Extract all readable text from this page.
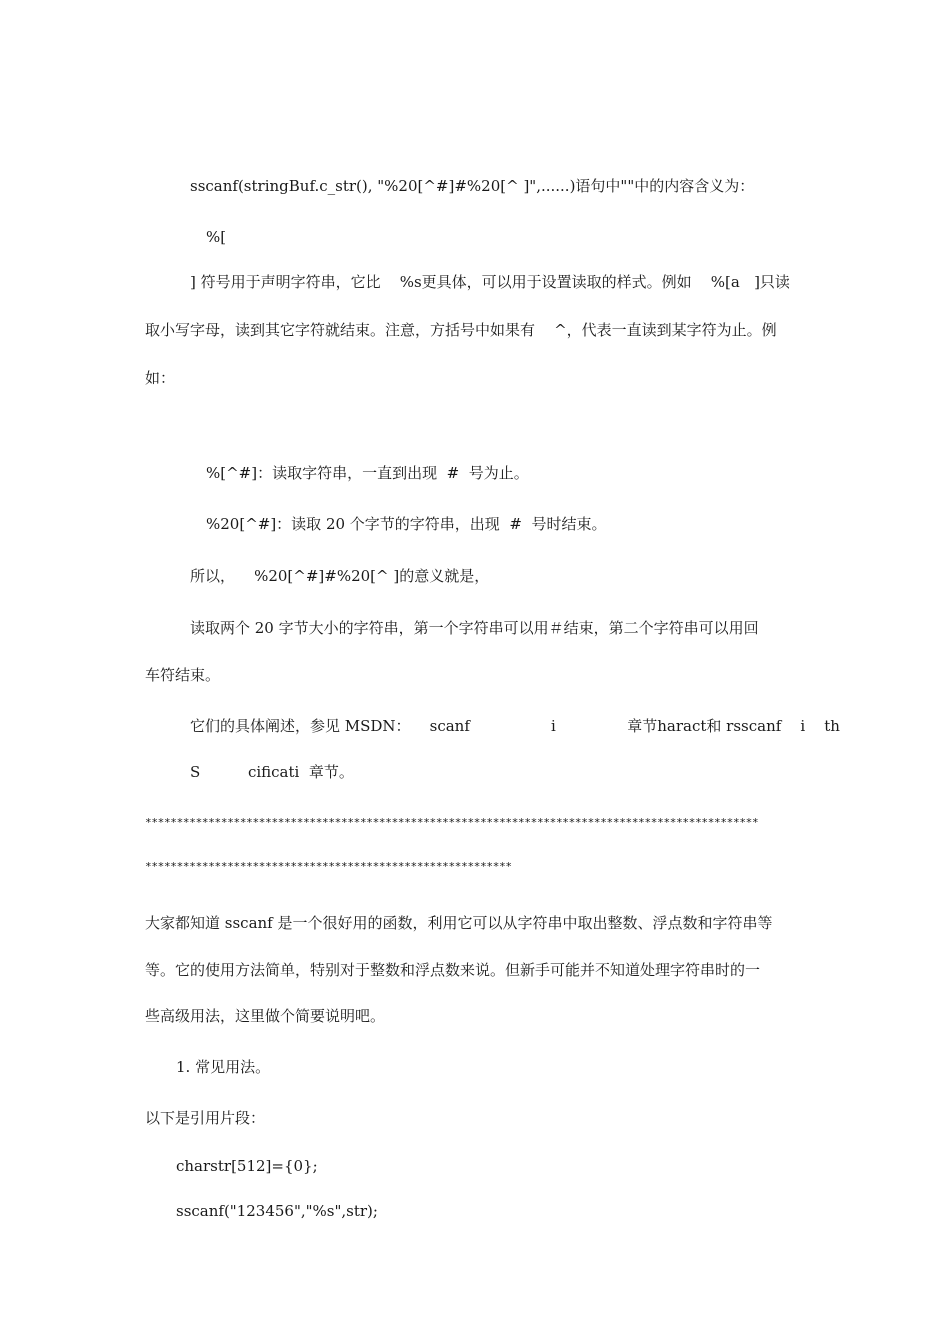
sscanf(stringBuf.c_str(), "%20[^#]#%20[^ ]",......)语句中""中的内容含义为：
%[
] 符号用于声明字符串，它比    %s更具体，可以用于设置读取的样式。例如    %[a   ]只读
取小写字母，读到其它字符就结束。注意，方括号中如果有    ^，代表一直读到某字符为止。例
如：
%[^#]：读取字符串，一直到出现  #  号为止。
%20[^#]：读取 20 个字节的字符串，出现  #  号时结束。
所以，    %20[^#]#%20[^ ]的意义就是，
读取两个 20 字节大小的字符串，第一个字符串可以用＃结束，第二个字符串可以用回
车符结束。
它们的具体阐述，参见 MSDN：    scanf                 i               章节haract和 rsscanf    i    th
S          cificati  章节。
*************************************************************************************************
**********************************************************
大家都知道 sscanf 是一个很好用的函数，利用它可以从字符串中取出整数、浮点数和字符串等
等。它的使用方法简单，特别对于整数和浮点数来说。但新手可能并不知道处理字符串时的一
些高级用法，这里做个简要说明吧。
1. 常见用法。
以下是引用片段：
charstr[512]={0};
sscanf("123456","%s",str);
